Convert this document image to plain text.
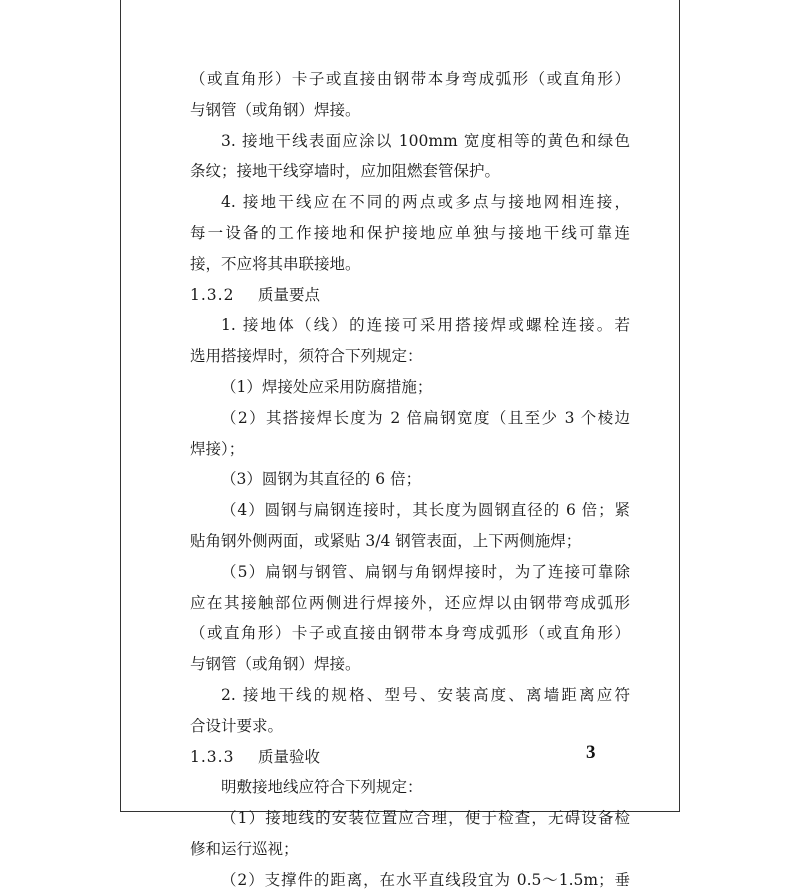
（或直角形）卡子或直接由钢带本身弯成弧形（或直角形）
与钢管（或角钢）焊接。
3. 接地干线表面应涂以 100mm 宽度相等的黄色和绿色
条纹；接地干线穿墙时，应加阻燃套管保护。
4. 接地干线应在不同的两点或多点与接地网相连接，
每一设备的工作接地和保护接地应单独与接地干线可靠连
接，不应将其串联接地。
1.3.2 质量要点
1. 接地体（线）的连接可采用搭接焊或螺栓连接。若
选用搭接焊时，须符合下列规定：
（1）焊接处应采用防腐措施；
（2）其搭接焊长度为 2 倍扁钢宽度（且至少 3 个棱边
焊接）；
（3）圆钢为其直径的 6 倍；
（4）圆钢与扁钢连接时，其长度为圆钢直径的 6 倍；紧
贴角钢外侧两面，或紧贴 3/4 钢管表面，上下两侧施焊；
（5）扁钢与钢管、扁钢与角钢焊接时，为了连接可靠除
应在其接触部位两侧进行焊接外，还应焊以由钢带弯成弧形
（或直角形）卡子或直接由钢带本身弯成弧形（或直角形）
与钢管（或角钢）焊接。
2. 接地干线的规格、型号、安装高度、离墙距离应符
合设计要求。
1.3.3 质量验收
明敷接地线应符合下列规定：
（1）接地线的安装位置应合理，便于检查，无碍设备检
修和运行巡视；
（2）支撑件的距离，在水平直线段宜为 0.5～1.5m；垂
3
